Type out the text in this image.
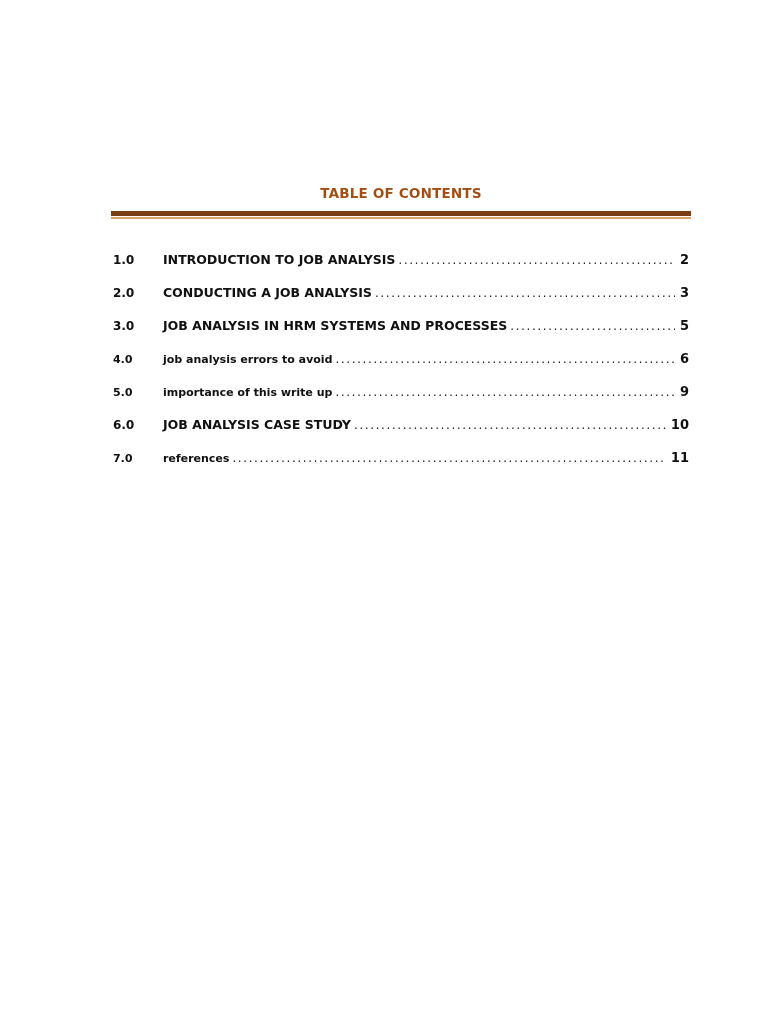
TABLE OF CONTENTS
1.0	INTRODUCTION TO JOB ANALYSIS .....	2
2.0	CONDUCTING A JOB ANALYSIS .....	3
3.0	JOB ANALYSIS IN HRM SYSTEMS AND PROCESSES .....	5
4.0	job analysis errors to avoid .....	6
5.0	importance of this write up .....	9
6.0	JOB ANALYSIS CASE STUDY .....	10
7.0	references .....	11
